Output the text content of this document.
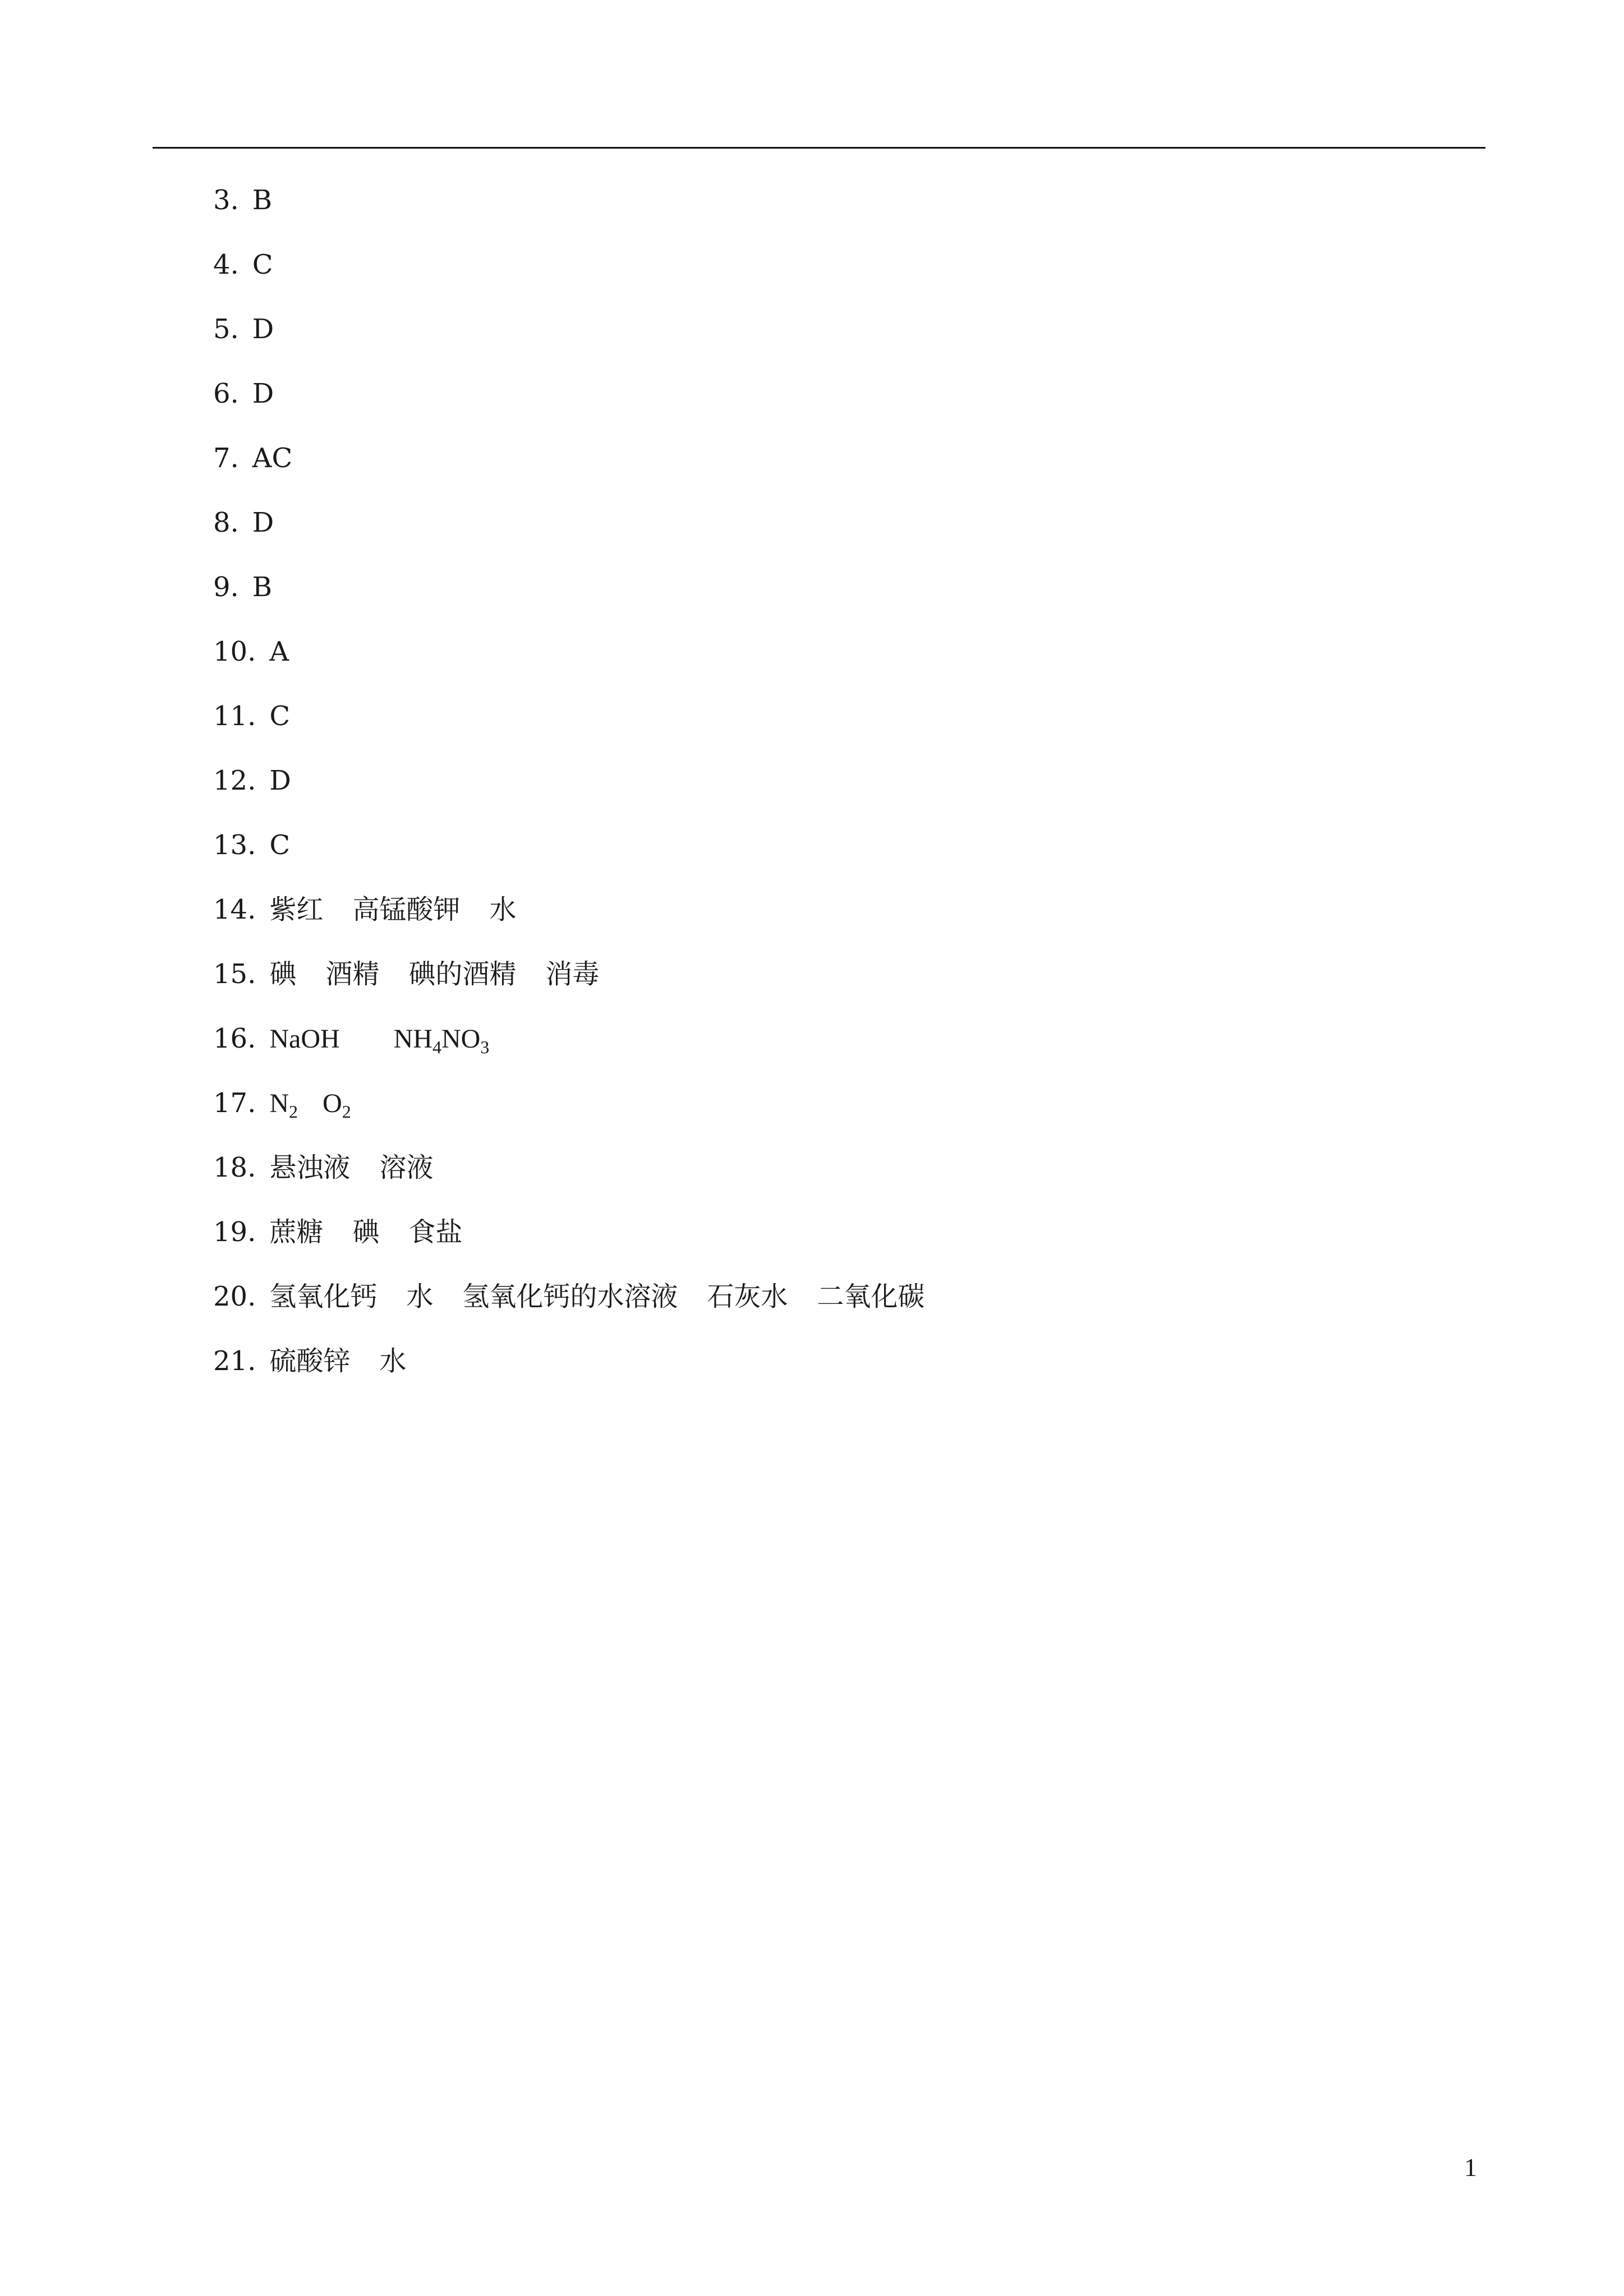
3. B
4. C
5. D
6. D
7. AC
8. D
9. B
10. A
11. C
12. D
13. C
14. 紫红 高锰酸钾 水
15. 碘 酒精 碘的酒精 消毒
16. NaOH $NH_4NO_3$
17. $N_2$ $O_2$
18. 悬浊液 溶液
19. 蔗糖 碘 食盐
20. 氢氧化钙 水 氢氧化钙的水溶液 石灰水 二氧化碳
21. 硫酸锌 水
1
